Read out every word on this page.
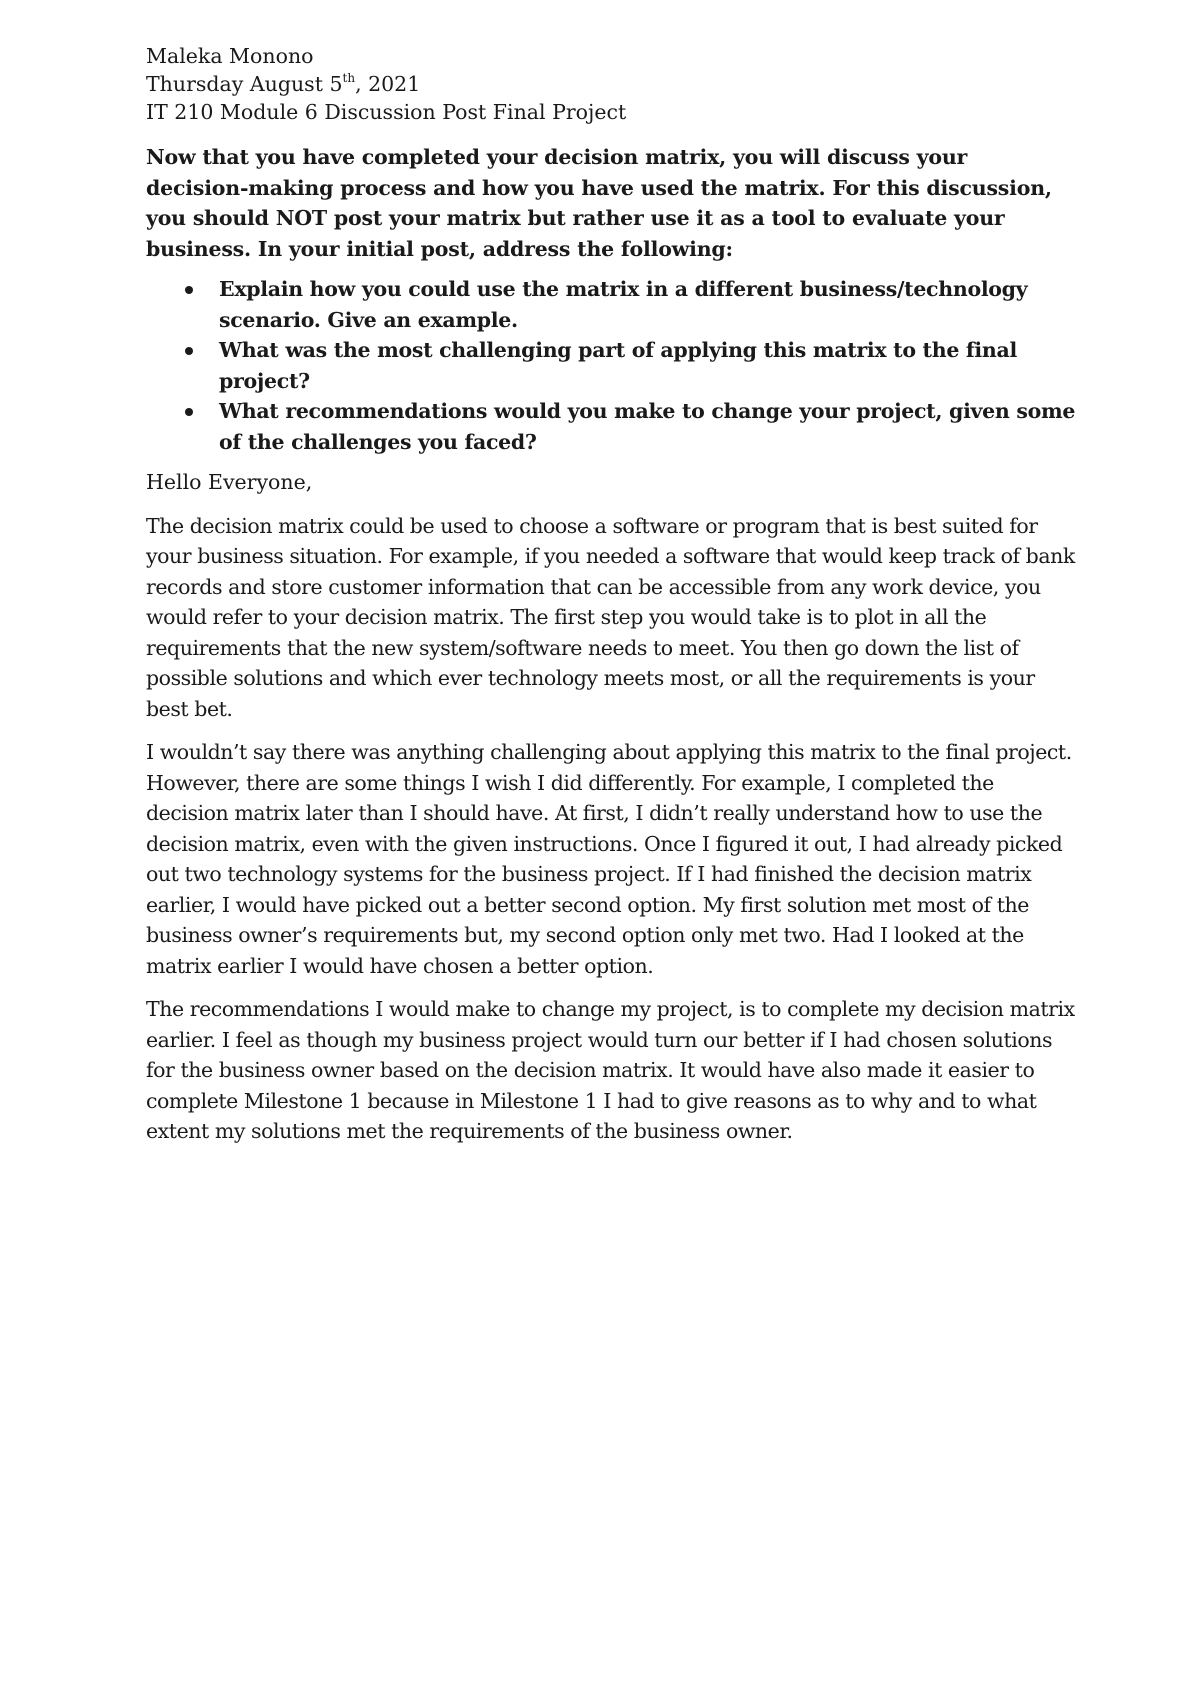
Maleka Monono

Thursday August 5th, 2021

IT 210 Module 6 Discussion Post Final Project

Now that you have completed your decision matrix, you will discuss your decision-making process and how you have used the matrix. For this discussion, you should NOT post your matrix but rather use it as a tool to evaluate your business. In your initial post, address the following:

Explain how you could use the matrix in a different business/technology scenario. Give an example.
What was the most challenging part of applying this matrix to the final project?
What recommendations would you make to change your project, given some of the challenges you faced?

Hello Everyone,

The decision matrix could be used to choose a software or program that is best suited for your business situation. For example, if you needed a software that would keep track of bank records and store customer information that can be accessible from any work device, you would refer to your decision matrix. The first step you would take is to plot in all the requirements that the new system/software needs to meet. You then go down the list of possible solutions and which ever technology meets most, or all the requirements is your best bet.

I wouldn’t say there was anything challenging about applying this matrix to the final project. However, there are some things I wish I did differently. For example, I completed the decision matrix later than I should have. At first, I didn’t really understand how to use the decision matrix, even with the given instructions. Once I figured it out, I had already picked out two technology systems for the business project. If I had finished the decision matrix earlier, I would have picked out a better second option. My first solution met most of the business owner’s requirements but, my second option only met two. Had I looked at the matrix earlier I would have chosen a better option.

The recommendations I would make to change my project, is to complete my decision matrix earlier. I feel as though my business project would turn our better if I had chosen solutions for the business owner based on the decision matrix. It would have also made it easier to complete Milestone 1 because in Milestone 1 I had to give reasons as to why and to what extent my solutions met the requirements of the business owner.
